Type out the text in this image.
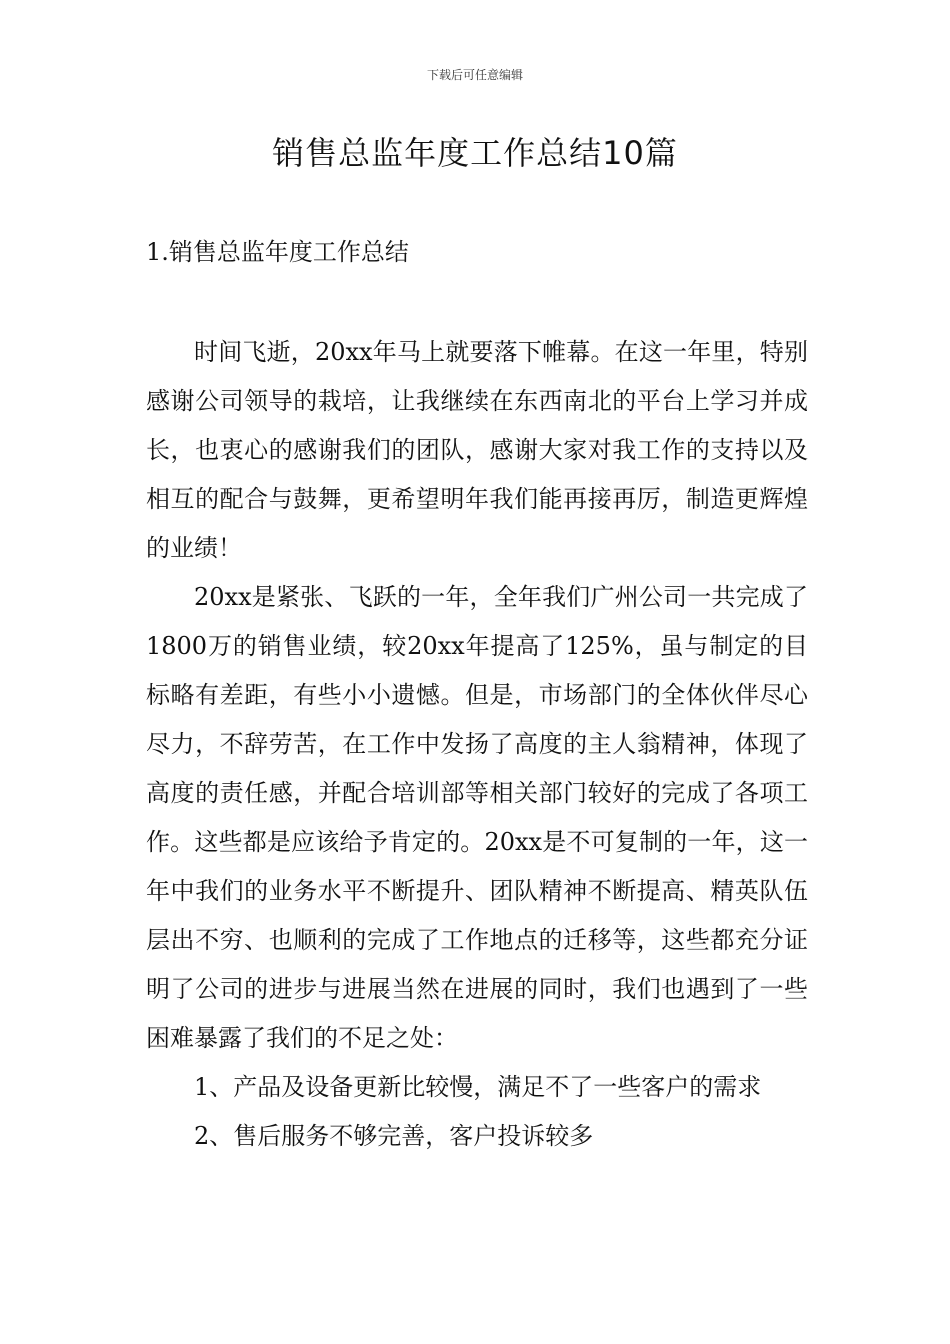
下载后可任意编辑
销售总监年度工作总结10篇
1.销售总监年度工作总结

时间飞逝，20xx年马上就要落下帷幕。在这一年里，特别感谢公司领导的栽培，让我继续在东西南北的平台上学习并成长，也衷心的感谢我们的团队，感谢大家对我工作的支持以及相互的配合与鼓舞，更希望明年我们能再接再厉，制造更辉煌的业绩！

20xx是紧张、飞跃的一年，全年我们广州公司一共完成了1800万的销售业绩，较20xx年提高了125%，虽与制定的目标略有差距，有些小小遗憾。但是，市场部门的全体伙伴尽心尽力，不辞劳苦，在工作中发扬了高度的主人翁精神，体现了高度的责任感，并配合培训部等相关部门较好的完成了各项工作。这些都是应该给予肯定的。20xx是不可复制的一年，这一年中我们的业务水平不断提升、团队精神不断提高、精英队伍层出不穷、也顺利的完成了工作地点的迁移等，这些都充分证明了公司的进步与进展当然在进展的同时，我们也遇到了一些困难暴露了我们的不足之处：

1、产品及设备更新比较慢，满足不了一些客户的需求

2、售后服务不够完善，客户投诉较多
